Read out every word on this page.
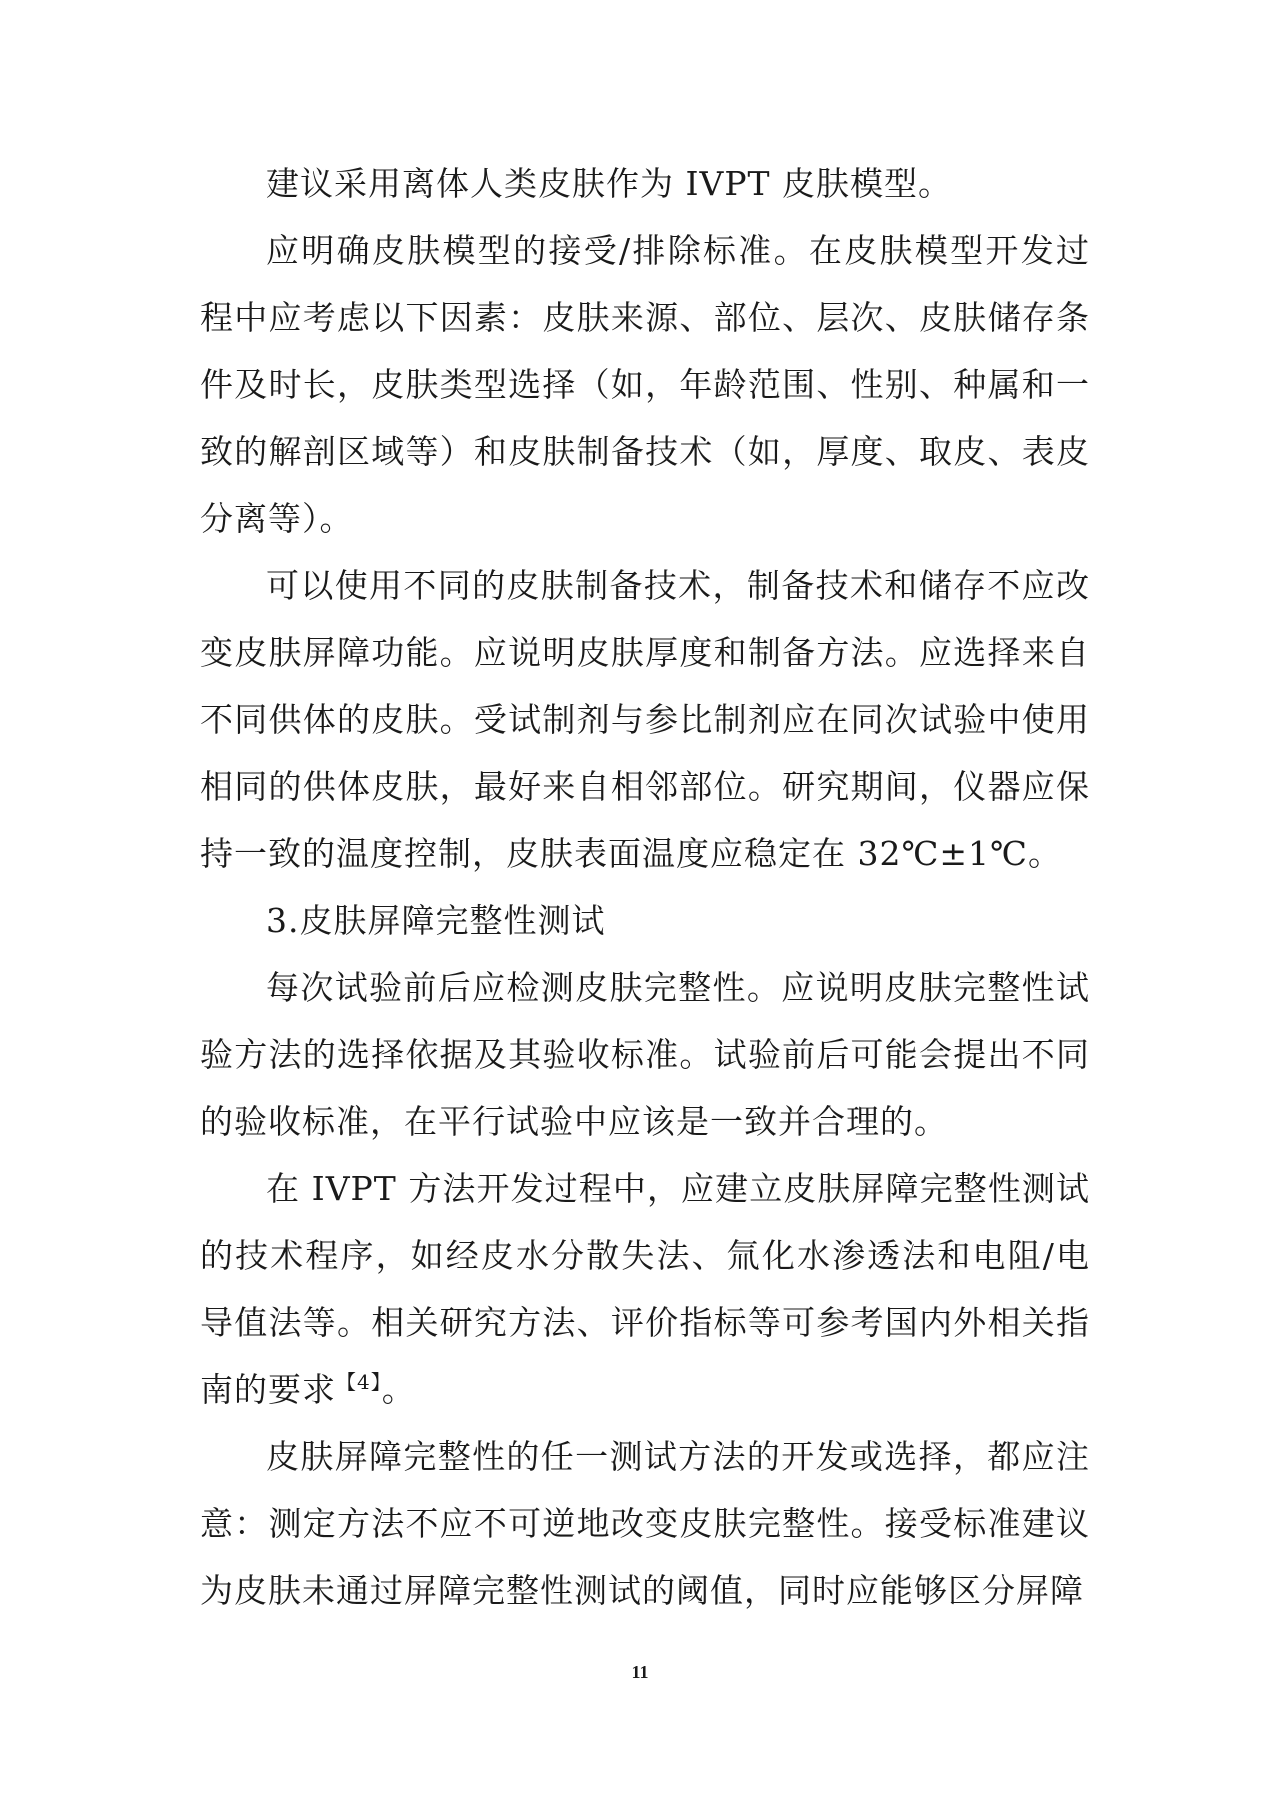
建议采用离体人类皮肤作为 IVPT 皮肤模型。

应明确皮肤模型的接受/排除标准。在皮肤模型开发过程中应考虑以下因素：皮肤来源、部位、层次、皮肤储存条件及时长，皮肤类型选择（如，年龄范围、性别、种属和一致的解剖区域等）和皮肤制备技术（如，厚度、取皮、表皮分离等）。

可以使用不同的皮肤制备技术，制备技术和储存不应改变皮肤屏障功能。应说明皮肤厚度和制备方法。应选择来自不同供体的皮肤。受试制剂与参比制剂应在同次试验中使用相同的供体皮肤，最好来自相邻部位。研究期间，仪器应保持一致的温度控制，皮肤表面温度应稳定在 32℃±1℃。

3.皮肤屏障完整性测试

每次试验前后应检测皮肤完整性。应说明皮肤完整性试验方法的选择依据及其验收标准。试验前后可能会提出不同的验收标准，在平行试验中应该是一致并合理的。

在 IVPT 方法开发过程中，应建立皮肤屏障完整性测试的技术程序，如经皮水分散失法、氚化水渗透法和电阻/电导值法等。相关研究方法、评价指标等可参考国内外相关指南的要求$^{【4】}$。

皮肤屏障完整性的任一测试方法的开发或选择，都应注意：测定方法不应不可逆地改变皮肤完整性。接受标准建议为皮肤未通过屏障完整性测试的阈值，同时应能够区分屏障

11
